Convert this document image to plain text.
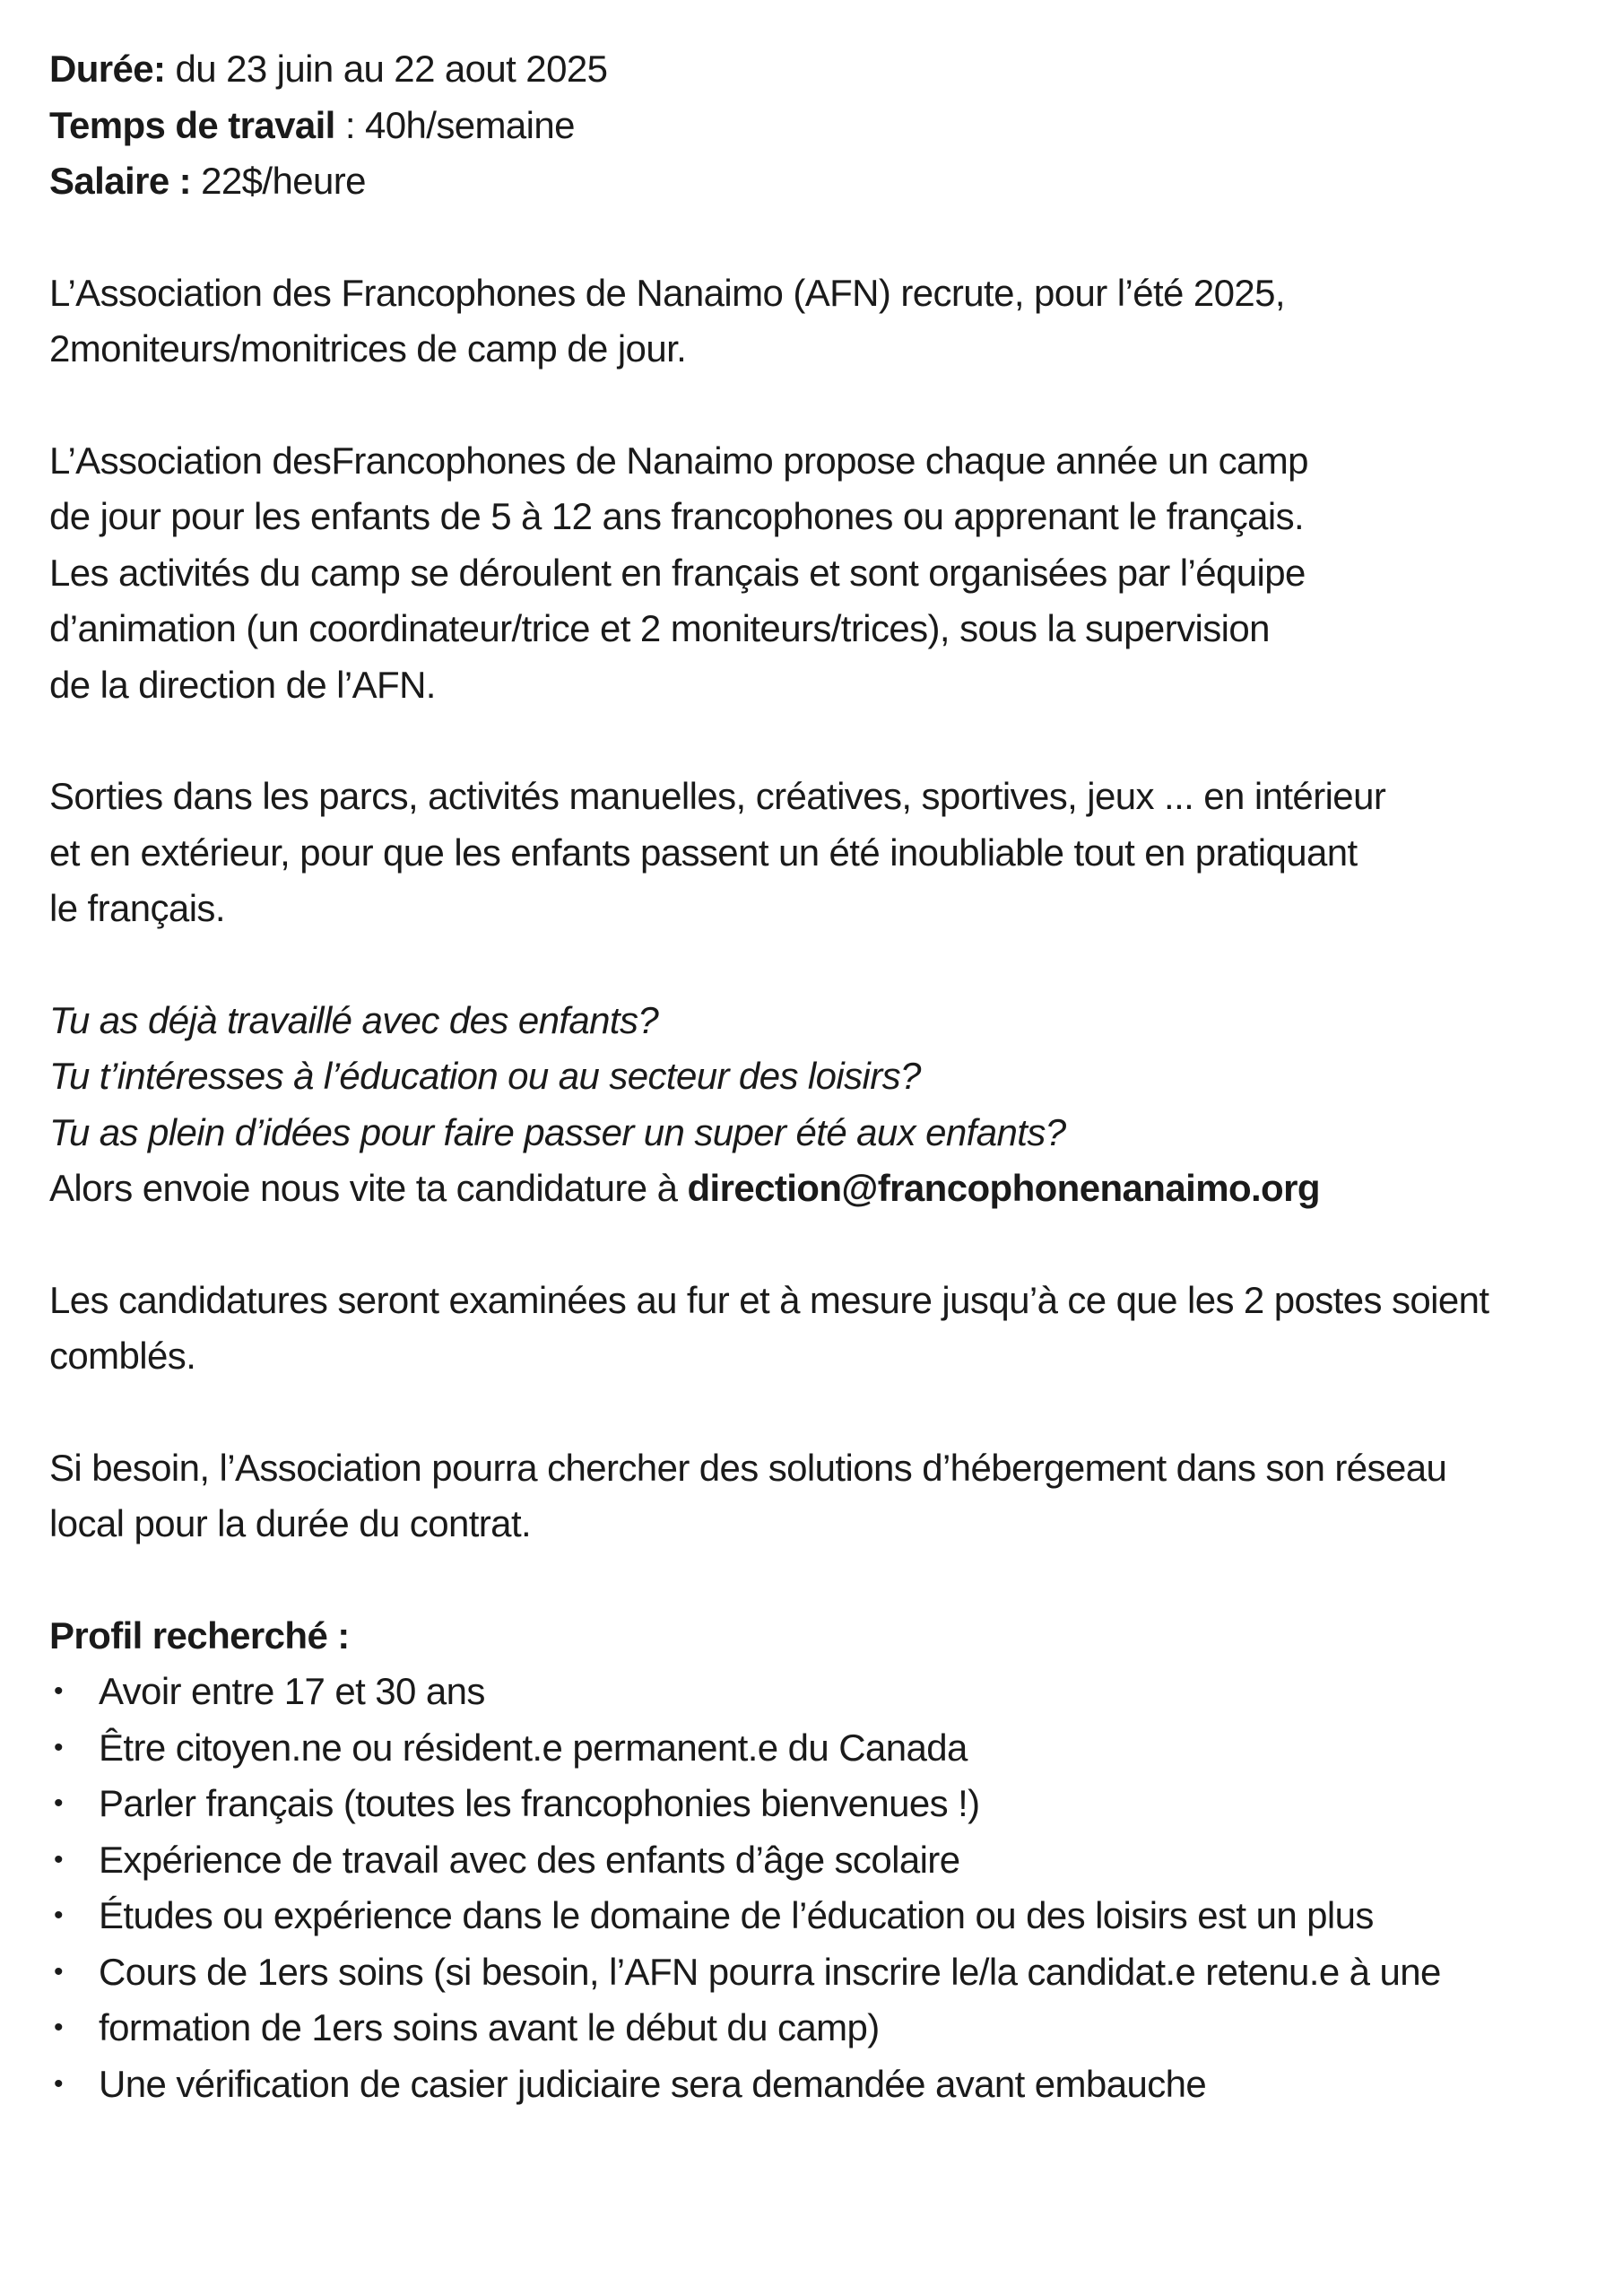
Durée: du 23 juin au 22 aout 2025
Temps de travail : 40h/semaine
Salaire : 22$/heure
L’Association des Francophones de Nanaimo (AFN) recrute, pour l’été 2025,
2moniteurs/monitrices de camp de jour.
L’Association desFrancophones de Nanaimo propose chaque année un camp
de jour pour les enfants de 5 à 12 ans francophones ou apprenant le français.
Les activités du camp se déroulent en français et sont organisées par l’équipe
d’animation (un coordinateur/trice et 2 moniteurs/trices), sous la supervision
de la direction de l’AFN.
Sorties dans les parcs, activités manuelles, créatives, sportives, jeux ... en intérieur
et en extérieur, pour que les enfants passent un été inoubliable tout en pratiquant
le français.
Tu as déjà travaillé avec des enfants?
Tu t’intéresses à l’éducation ou au secteur des loisirs?
Tu as plein d’idées pour faire passer un super été aux enfants?
Alors envoie nous vite ta candidature à direction@francophonenanaimo.org
Les candidatures seront examinées au fur et à mesure jusqu’à ce que les 2 postes soient
comblés.
Si besoin, l’Association pourra chercher des solutions d’hébergement dans son réseau
local pour la durée du contrat.
Profil recherché :
• Avoir entre 17 et 30 ans
• Être citoyen.ne ou résident.e permanent.e du Canada
• Parler français (toutes les francophonies bienvenues !)
• Expérience de travail avec des enfants d’âge scolaire
• Études ou expérience dans le domaine de l’éducation ou des loisirs est un plus
• Cours de 1ers soins (si besoin, l’AFN pourra inscrire le/la candidat.e retenu.e à une
• formation de 1ers soins avant le début du camp)
• Une vérification de casier judiciaire sera demandée avant embauche
